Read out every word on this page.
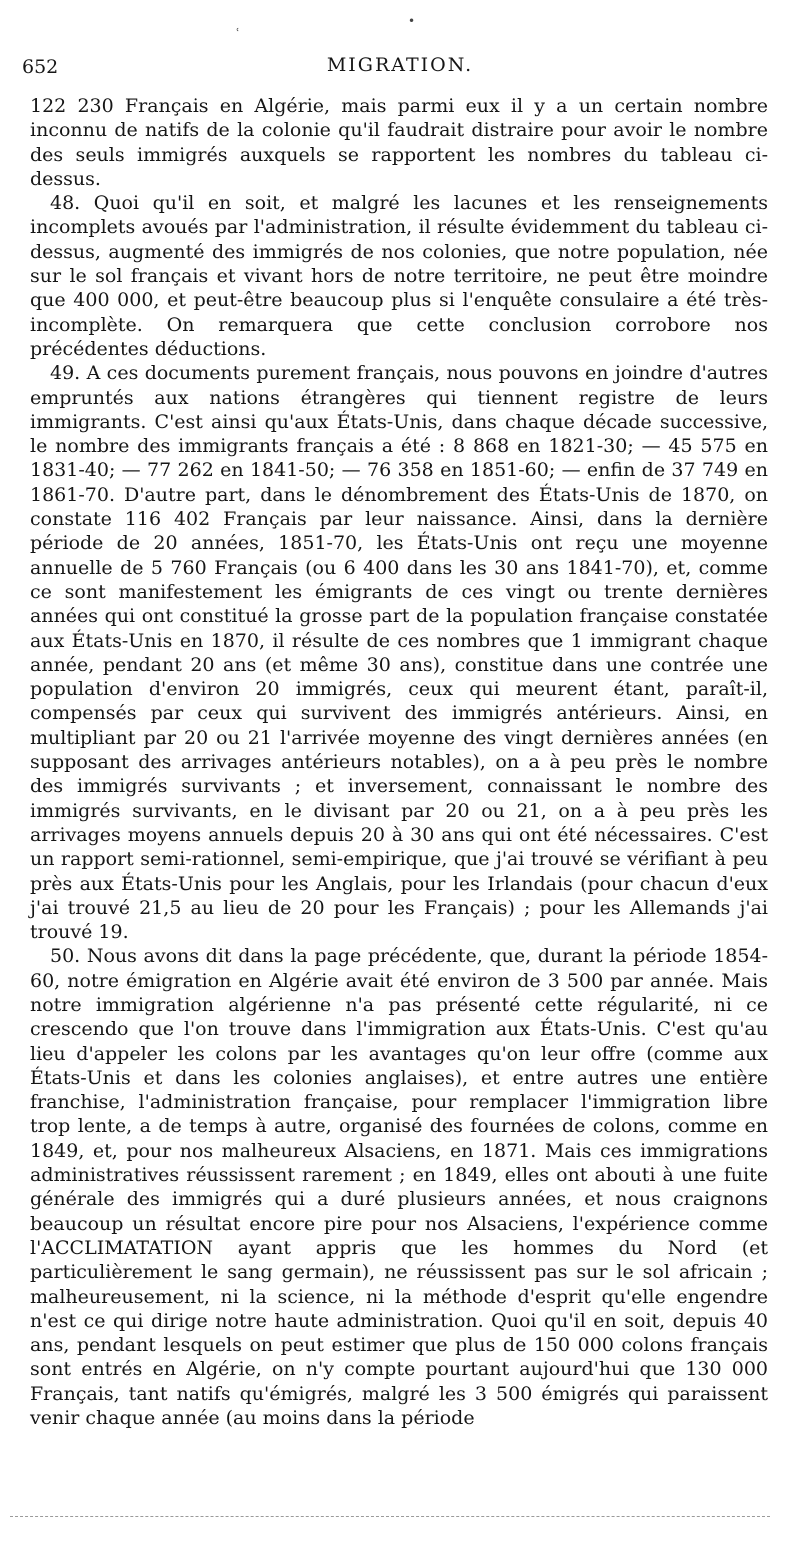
ʿ
•
652	MIGRATION.

122 230 Français en Algérie, mais parmi eux il y a un certain nombre inconnu de natifs de la colonie qu'il faudrait distraire pour avoir le nombre des seuls immigrés auxquels se rapportent les nombres du tableau ci-dessus.

48. Quoi qu'il en soit, et malgré les lacunes et les renseignements incomplets avoués par l'administration, il résulte évidemment du tableau ci-dessus, augmenté des immigrés de nos colonies, que notre population, née sur le sol français et vivant hors de notre territoire, ne peut être moindre que 400 000, et peut-être beaucoup plus si l'enquête consulaire a été très-incomplète. On remarquera que cette conclusion corrobore nos précédentes déductions.

49. A ces documents purement français, nous pouvons en joindre d'autres empruntés aux nations étrangères qui tiennent registre de leurs immigrants. C'est ainsi qu'aux États-Unis, dans chaque décade successive, le nombre des immigrants français a été : 8 868 en 1821-30; — 45 575 en 1831-40; — 77 262 en 1841-50; — 76 358 en 1851-60; — enfin de 37 749 en 1861-70. D'autre part, dans le dénombrement des États-Unis de 1870, on constate 116 402 Français par leur naissance. Ainsi, dans la dernière période de 20 années, 1851-70, les États-Unis ont reçu une moyenne annuelle de 5 760 Français (ou 6 400 dans les 30 ans 1841-70), et, comme ce sont manifestement les émigrants de ces vingt ou trente dernières années qui ont constitué la grosse part de la population française constatée aux États-Unis en 1870, il résulte de ces nombres que 1 immigrant chaque année, pendant 20 ans (et même 30 ans), constitue dans une contrée une population d'environ 20 immigrés, ceux qui meurent étant, paraît-il, compensés par ceux qui survivent des immigrés antérieurs. Ainsi, en multipliant par 20 ou 21 l'arrivée moyenne des vingt dernières années (en supposant des arrivages antérieurs notables), on a à peu près le nombre des immigrés survivants ; et inversement, connaissant le nombre des immigrés survivants, en le divisant par 20 ou 21, on a à peu près les arrivages moyens annuels depuis 20 à 30 ans qui ont été nécessaires. C'est un rapport semi-rationnel, semi-empirique, que j'ai trouvé se vérifiant à peu près aux États-Unis pour les Anglais, pour les Irlandais (pour chacun d'eux j'ai trouvé 21,5 au lieu de 20 pour les Français) ; pour les Allemands j'ai trouvé 19.

50. Nous avons dit dans la page précédente, que, durant la période 1854-60, notre émigration en Algérie avait été environ de 3 500 par année. Mais notre immigration algérienne n'a pas présenté cette régularité, ni ce crescendo que l'on trouve dans l'immigration aux États-Unis. C'est qu'au lieu d'appeler les colons par les avantages qu'on leur offre (comme aux États-Unis et dans les colonies anglaises), et entre autres une entière franchise, l'administration française, pour remplacer l'immigration libre trop lente, a de temps à autre, organisé des fournées de colons, comme en 1849, et, pour nos malheureux Alsaciens, en 1871. Mais ces immigrations administratives réussissent rarement ; en 1849, elles ont abouti à une fuite générale des immigrés qui a duré plusieurs années, et nous craignons beaucoup un résultat encore pire pour nos Alsaciens, l'expérience comme l'ACCLIMATATION ayant appris que les hommes du Nord (et particulièrement le sang germain), ne réussissent pas sur le sol africain ; malheureusement, ni la science, ni la méthode d'esprit qu'elle engendre n'est ce qui dirige notre haute administration. Quoi qu'il en soit, depuis 40 ans, pendant lesquels on peut estimer que plus de 150 000 colons français sont entrés en Algérie, on n'y compte pourtant aujourd'hui que 130 000 Français, tant natifs qu'émigrés, malgré les 3 500 émigrés qui paraissent venir chaque année (au moins dans la période
